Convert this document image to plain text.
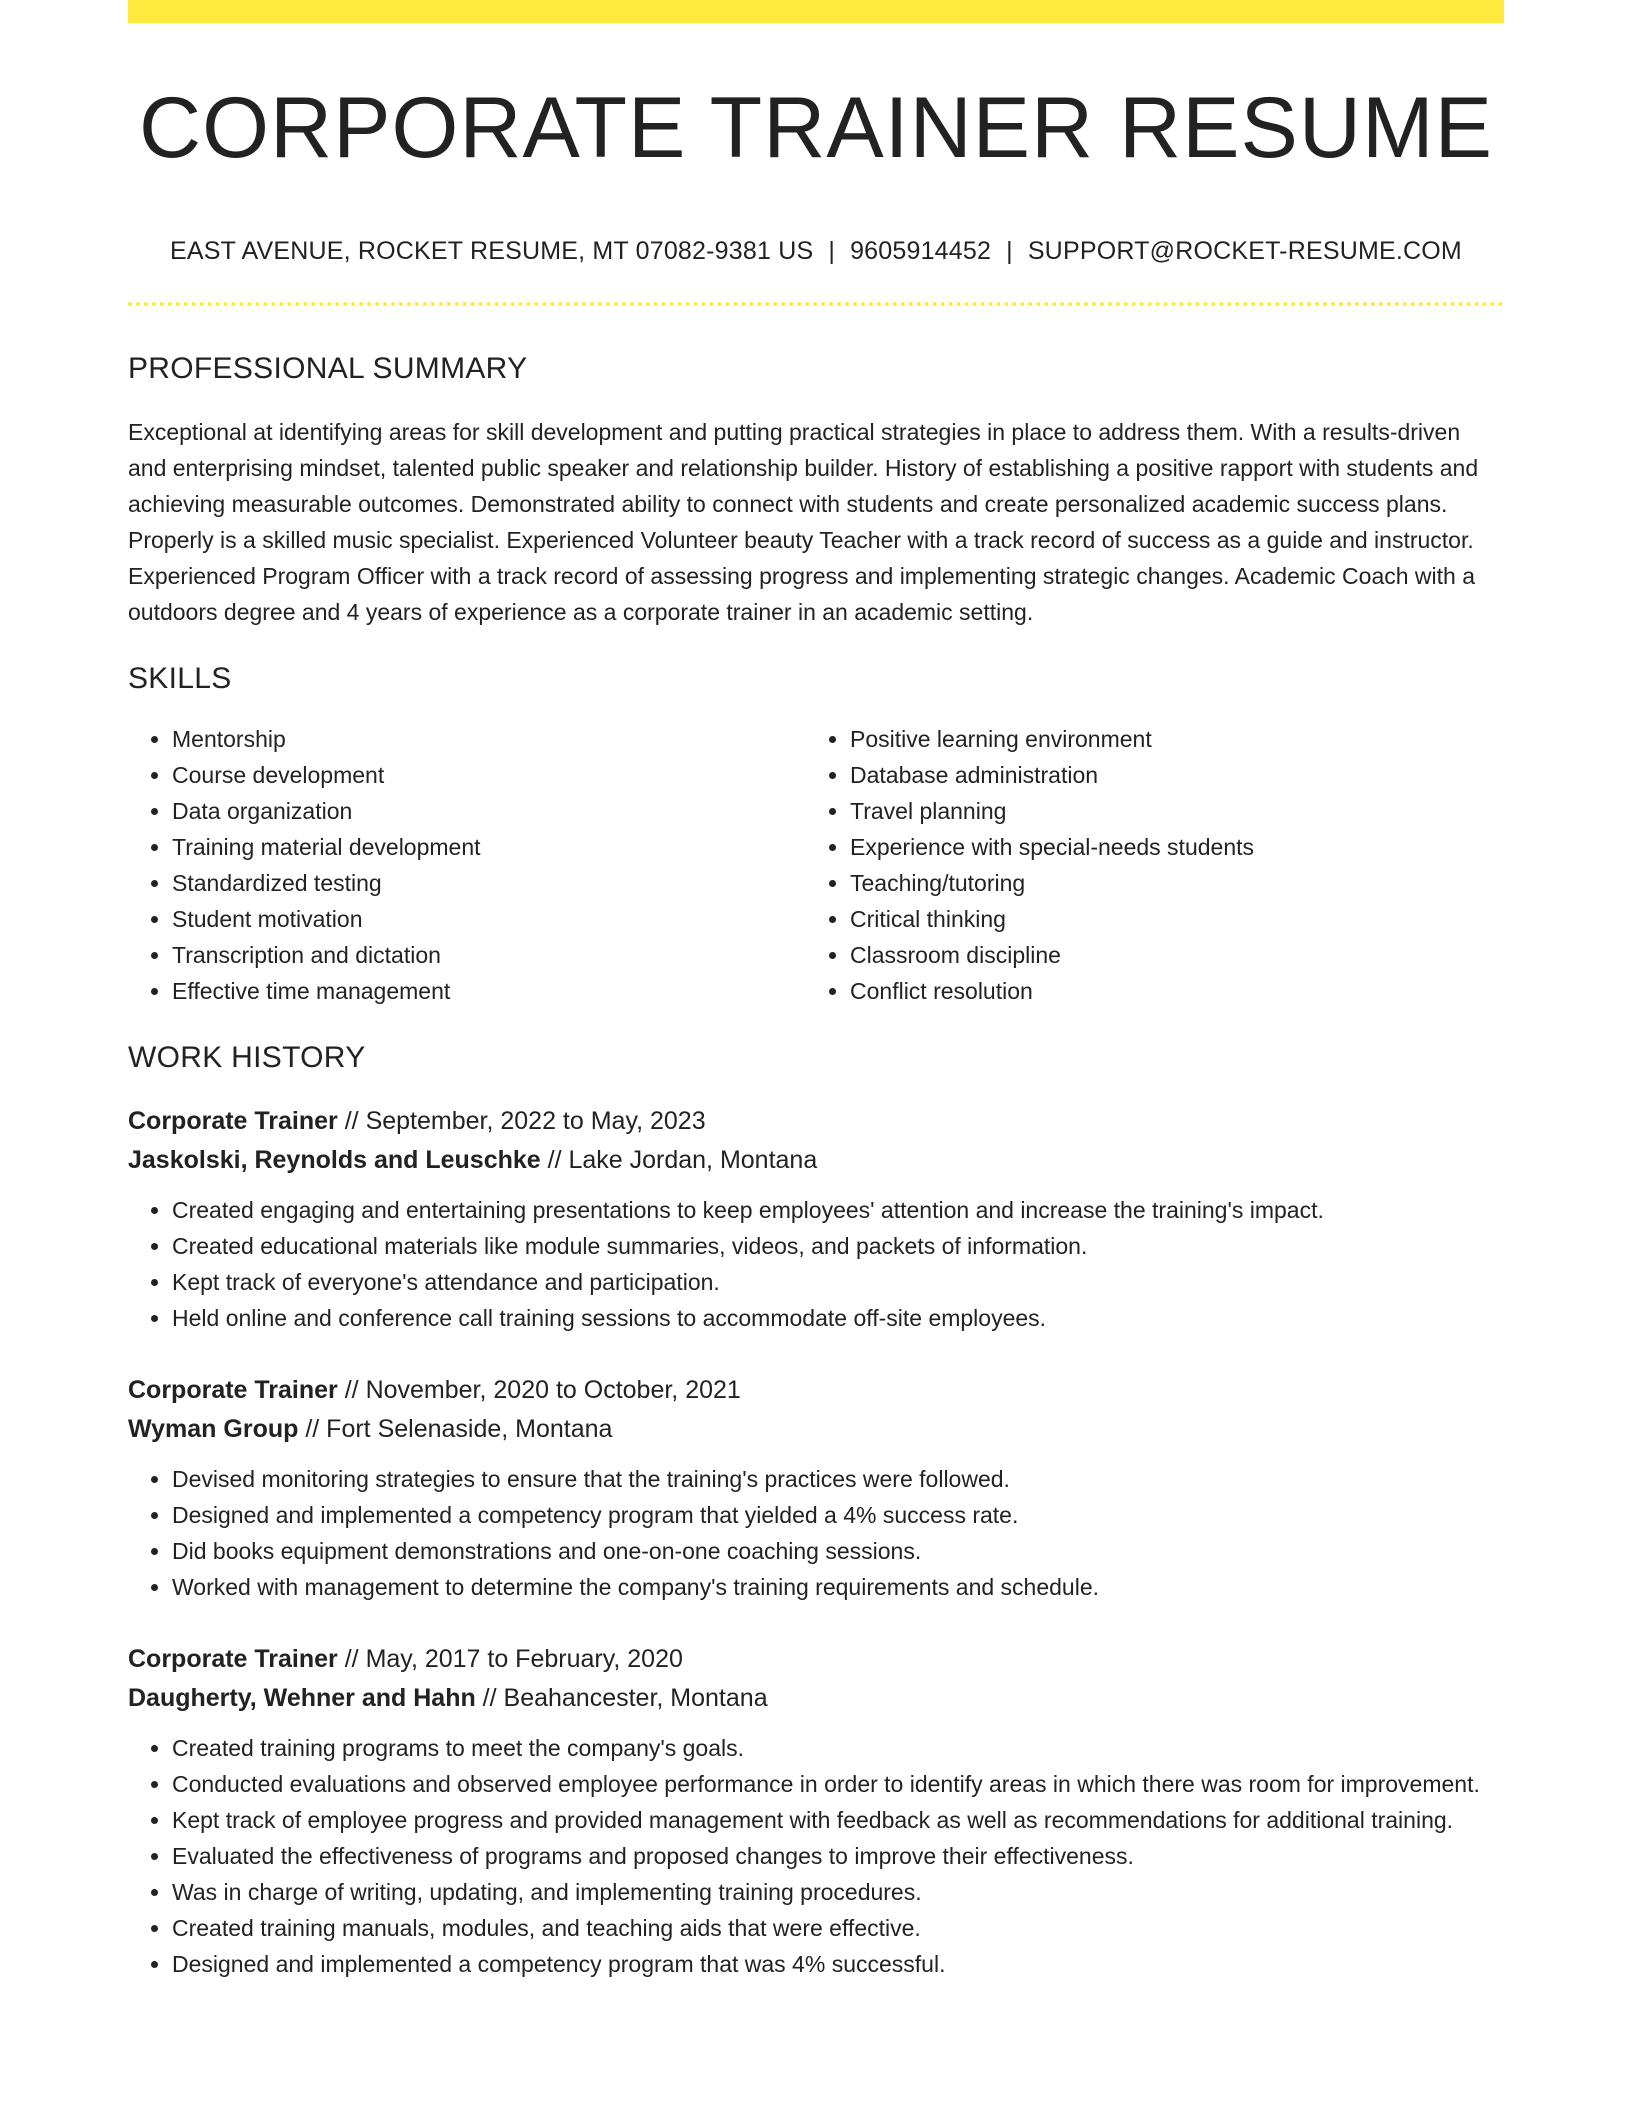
CORPORATE TRAINER RESUME
EAST AVENUE, ROCKET RESUME, MT 07082-9381 US | 9605914452 | SUPPORT@ROCKET-RESUME.COM
PROFESSIONAL SUMMARY

Exceptional at identifying areas for skill development and putting practical strategies in place to address them. With a results-driven and enterprising mindset, talented public speaker and relationship builder. History of establishing a positive rapport with students and achieving measurable outcomes. Demonstrated ability to connect with students and create personalized academic success plans. Properly is a skilled music specialist. Experienced Volunteer beauty Teacher with a track record of success as a guide and instructor. Experienced Program Officer with a track record of assessing progress and implementing strategic changes. Academic Coach with a outdoors degree and 4 years of experience as a corporate trainer in an academic setting.

SKILLS
• Mentorship
• Course development
• Data organization
• Training material development
• Standardized testing
• Student motivation
• Transcription and dictation
• Effective time management
• Positive learning environment
• Database administration
• Travel planning
• Experience with special-needs students
• Teaching/tutoring
• Critical thinking
• Classroom discipline
• Conflict resolution
WORK HISTORY
Corporate Trainer // September, 2022 to May, 2023
Jaskolski, Reynolds and Leuschke // Lake Jordan, Montana
• Created engaging and entertaining presentations to keep employees' attention and increase the training's impact.
• Created educational materials like module summaries, videos, and packets of information.
• Kept track of everyone's attendance and participation.
• Held online and conference call training sessions to accommodate off-site employees.
Corporate Trainer // November, 2020 to October, 2021
Wyman Group // Fort Selenaside, Montana
• Devised monitoring strategies to ensure that the training's practices were followed.
• Designed and implemented a competency program that yielded a 4% success rate.
• Did books equipment demonstrations and one-on-one coaching sessions.
• Worked with management to determine the company's training requirements and schedule.
Corporate Trainer // May, 2017 to February, 2020
Daugherty, Wehner and Hahn // Beahancester, Montana
• Created training programs to meet the company's goals.
• Conducted evaluations and observed employee performance in order to identify areas in which there was room for improvement.
• Kept track of employee progress and provided management with feedback as well as recommendations for additional training.
• Evaluated the effectiveness of programs and proposed changes to improve their effectiveness.
• Was in charge of writing, updating, and implementing training procedures.
• Created training manuals, modules, and teaching aids that were effective.
• Designed and implemented a competency program that was 4% successful.
